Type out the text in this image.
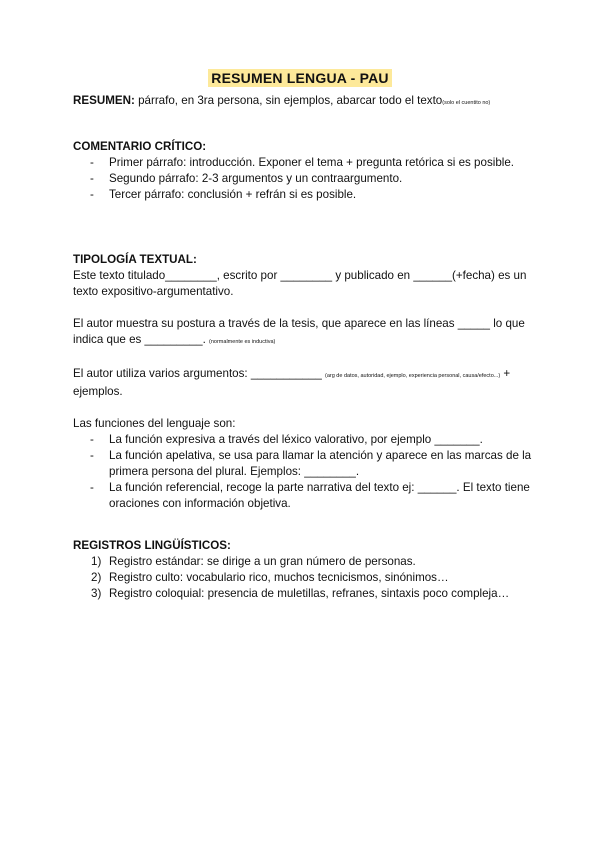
RESUMEN LENGUA - PAU
RESUMEN: párrafo, en 3ra persona, sin ejemplos, abarcar todo el texto(solo el cuentito no)
COMENTARIO CRÍTICO:
- Primer párrafo: introducción. Exponer el tema + pregunta retórica si es posible.
- Segundo párrafo: 2-3 argumentos y un contraargumento.
- Tercer párrafo: conclusión + refrán si es posible.
TIPOLOGÍA TEXTUAL:

Este texto titulado________, escrito por ________ y publicado en ______(+fecha) es un texto expositivo-argumentativo.

El autor muestra su postura a través de la tesis, que aparece en las líneas _____ lo que indica que es _________. (normalmente es inductiva)

El autor utiliza varios argumentos: ___________ (arg de datos, autoridad, ejemplo, experiencia personal, causa/efecto...) + ejemplos.

Las funciones del lenguaje son:

- La función expresiva a través del léxico valorativo, por ejemplo _______.
- La función apelativa, se usa para llamar la atención y aparece en las marcas de la primera persona del plural. Ejemplos: ________.
- La función referencial, recoge la parte narrativa del texto ej: ______. El texto tiene oraciones con información objetiva.
REGISTROS LINGÜÍSTICOS:
1) Registro estándar: se dirige a un gran número de personas.
2) Registro culto: vocabulario rico, muchos tecnicismos, sinónimos…
3) Registro coloquial: presencia de muletillas, refranes, sintaxis poco compleja…
